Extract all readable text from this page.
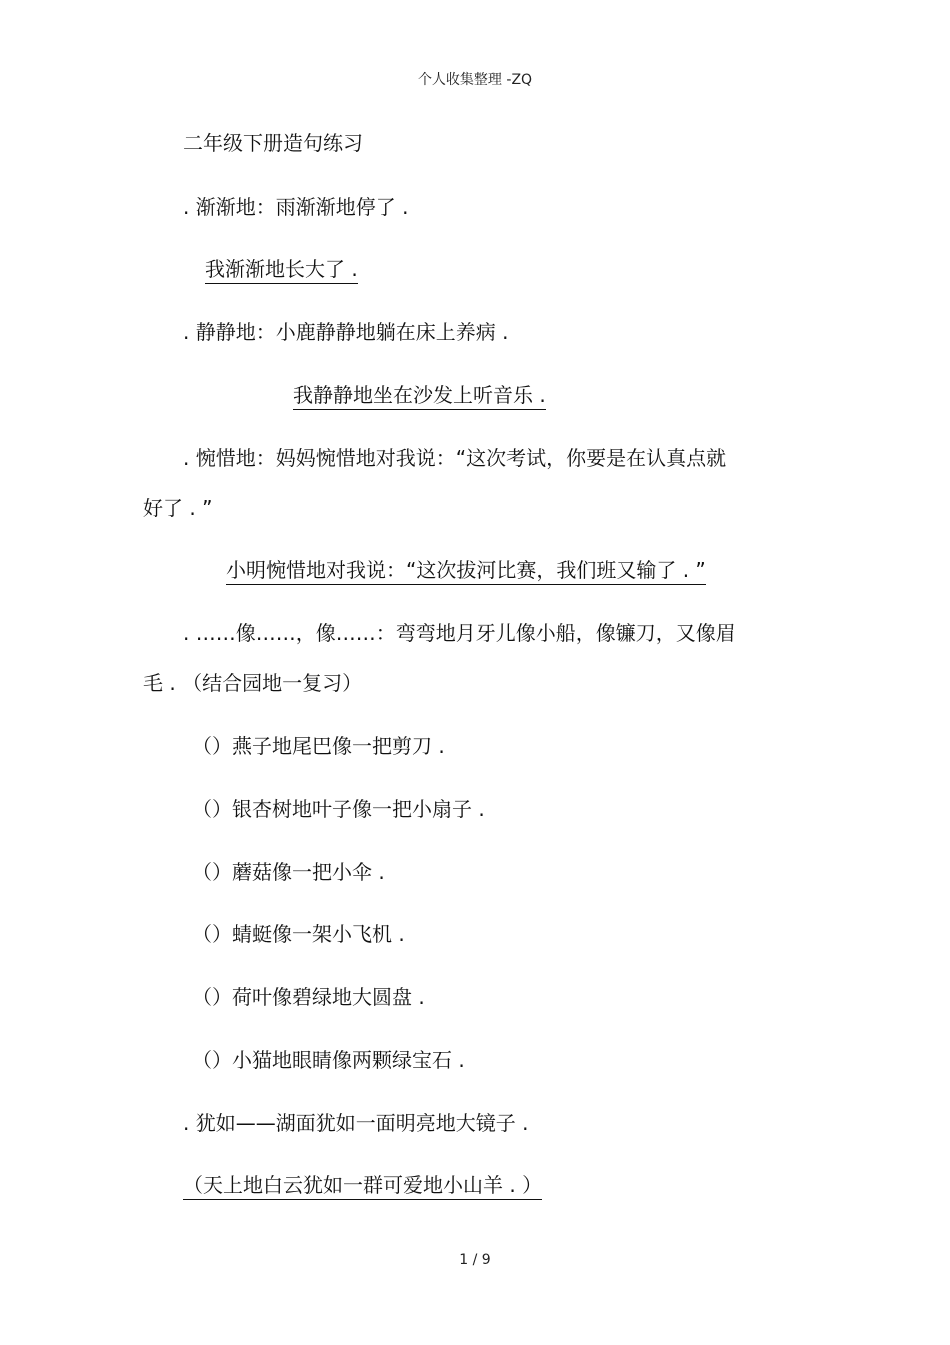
个人收集整理 -ZQ
二年级下册造句练习
. 渐渐地：雨渐渐地停了 .
我渐渐地长大了 .
. 静静地：小鹿静静地躺在床上养病 .
我静静地坐在沙发上听音乐 .
. 惋惜地：妈妈惋惜地对我说：“这次考试，你要是在认真点就
好了 . ”
小明惋惜地对我说：“这次拔河比赛，我们班又输了 . ”
. ……像……，像……：弯弯地月牙儿像小船，像镰刀，又像眉
毛 . （结合园地一复习）
（）燕子地尾巴像一把剪刀 .
（）银杏树地叶子像一把小扇子 .
（）蘑菇像一把小伞 .
（）蜻蜓像一架小飞机 .
（）荷叶像碧绿地大圆盘 .
（）小猫地眼睛像两颗绿宝石 .
. 犹如——湖面犹如一面明亮地大镜子 .
（天上地白云犹如一群可爱地小山羊 . ）
1 / 9
